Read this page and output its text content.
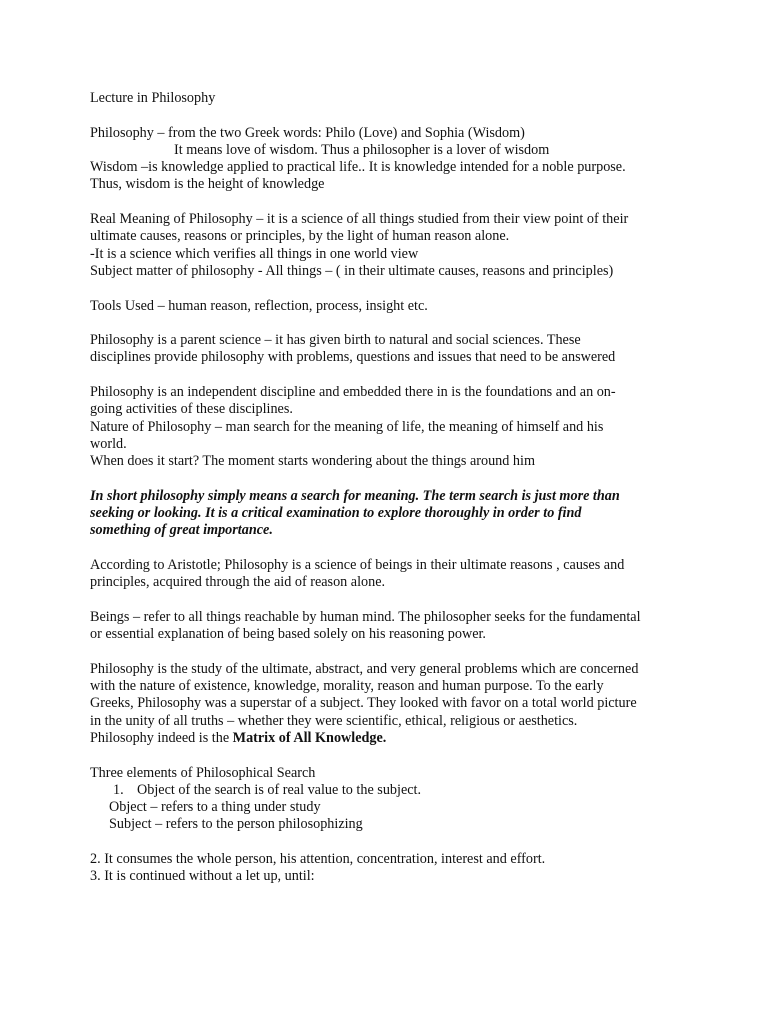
Lecture in Philosophy

Philosophy – from the two Greek words: Philo (Love) and Sophia (Wisdom)
It means love of wisdom. Thus a philosopher is a lover of wisdom
Wisdom –is knowledge applied to practical life.. It is knowledge intended for a noble purpose.
Thus, wisdom is the height of knowledge

Real Meaning of Philosophy – it is a science of all things studied from their view point of their
ultimate causes, reasons or principles, by the light of human reason alone.
-It is a science which verifies all things in one world view
Subject matter of philosophy - All things – ( in their ultimate causes, reasons and principles)

Tools Used – human reason, reflection, process, insight etc.

Philosophy is a parent science – it has given birth to natural and social sciences. These
disciplines provide philosophy with problems, questions and issues that need to be answered

Philosophy is an independent discipline and embedded there in is the foundations and an on-
going activities of these disciplines.
Nature of Philosophy – man search for the meaning of life, the meaning of himself and his
world.
When does it start? The moment starts wondering about the things around him

In short philosophy simply means a search for meaning. The term search is just more than
seeking or looking. It is a critical examination to explore thoroughly in order to find
something of great importance.

According to Aristotle; Philosophy is a science of beings in their ultimate reasons , causes and
principles, acquired through the aid of reason alone.

Beings – refer to all things reachable by human mind. The philosopher seeks for the fundamental
or essential explanation of being based solely on his reasoning power.

Philosophy is the study of the ultimate, abstract, and very general problems which are concerned
with the nature of existence, knowledge, morality, reason and human purpose. To the early
Greeks, Philosophy was a superstar of a subject. They looked with favor on a total world picture
in the unity of all truths – whether they were scientific, ethical, religious or aesthetics.
Philosophy indeed is the Matrix of All Knowledge.

Three elements of Philosophical Search
1. Object of the search is of real value to the subject.
Object – refers to a thing under study
Subject – refers to the person philosophizing

2. It consumes the whole person, his attention, concentration, interest and effort.
3. It is continued without a let up, until:
